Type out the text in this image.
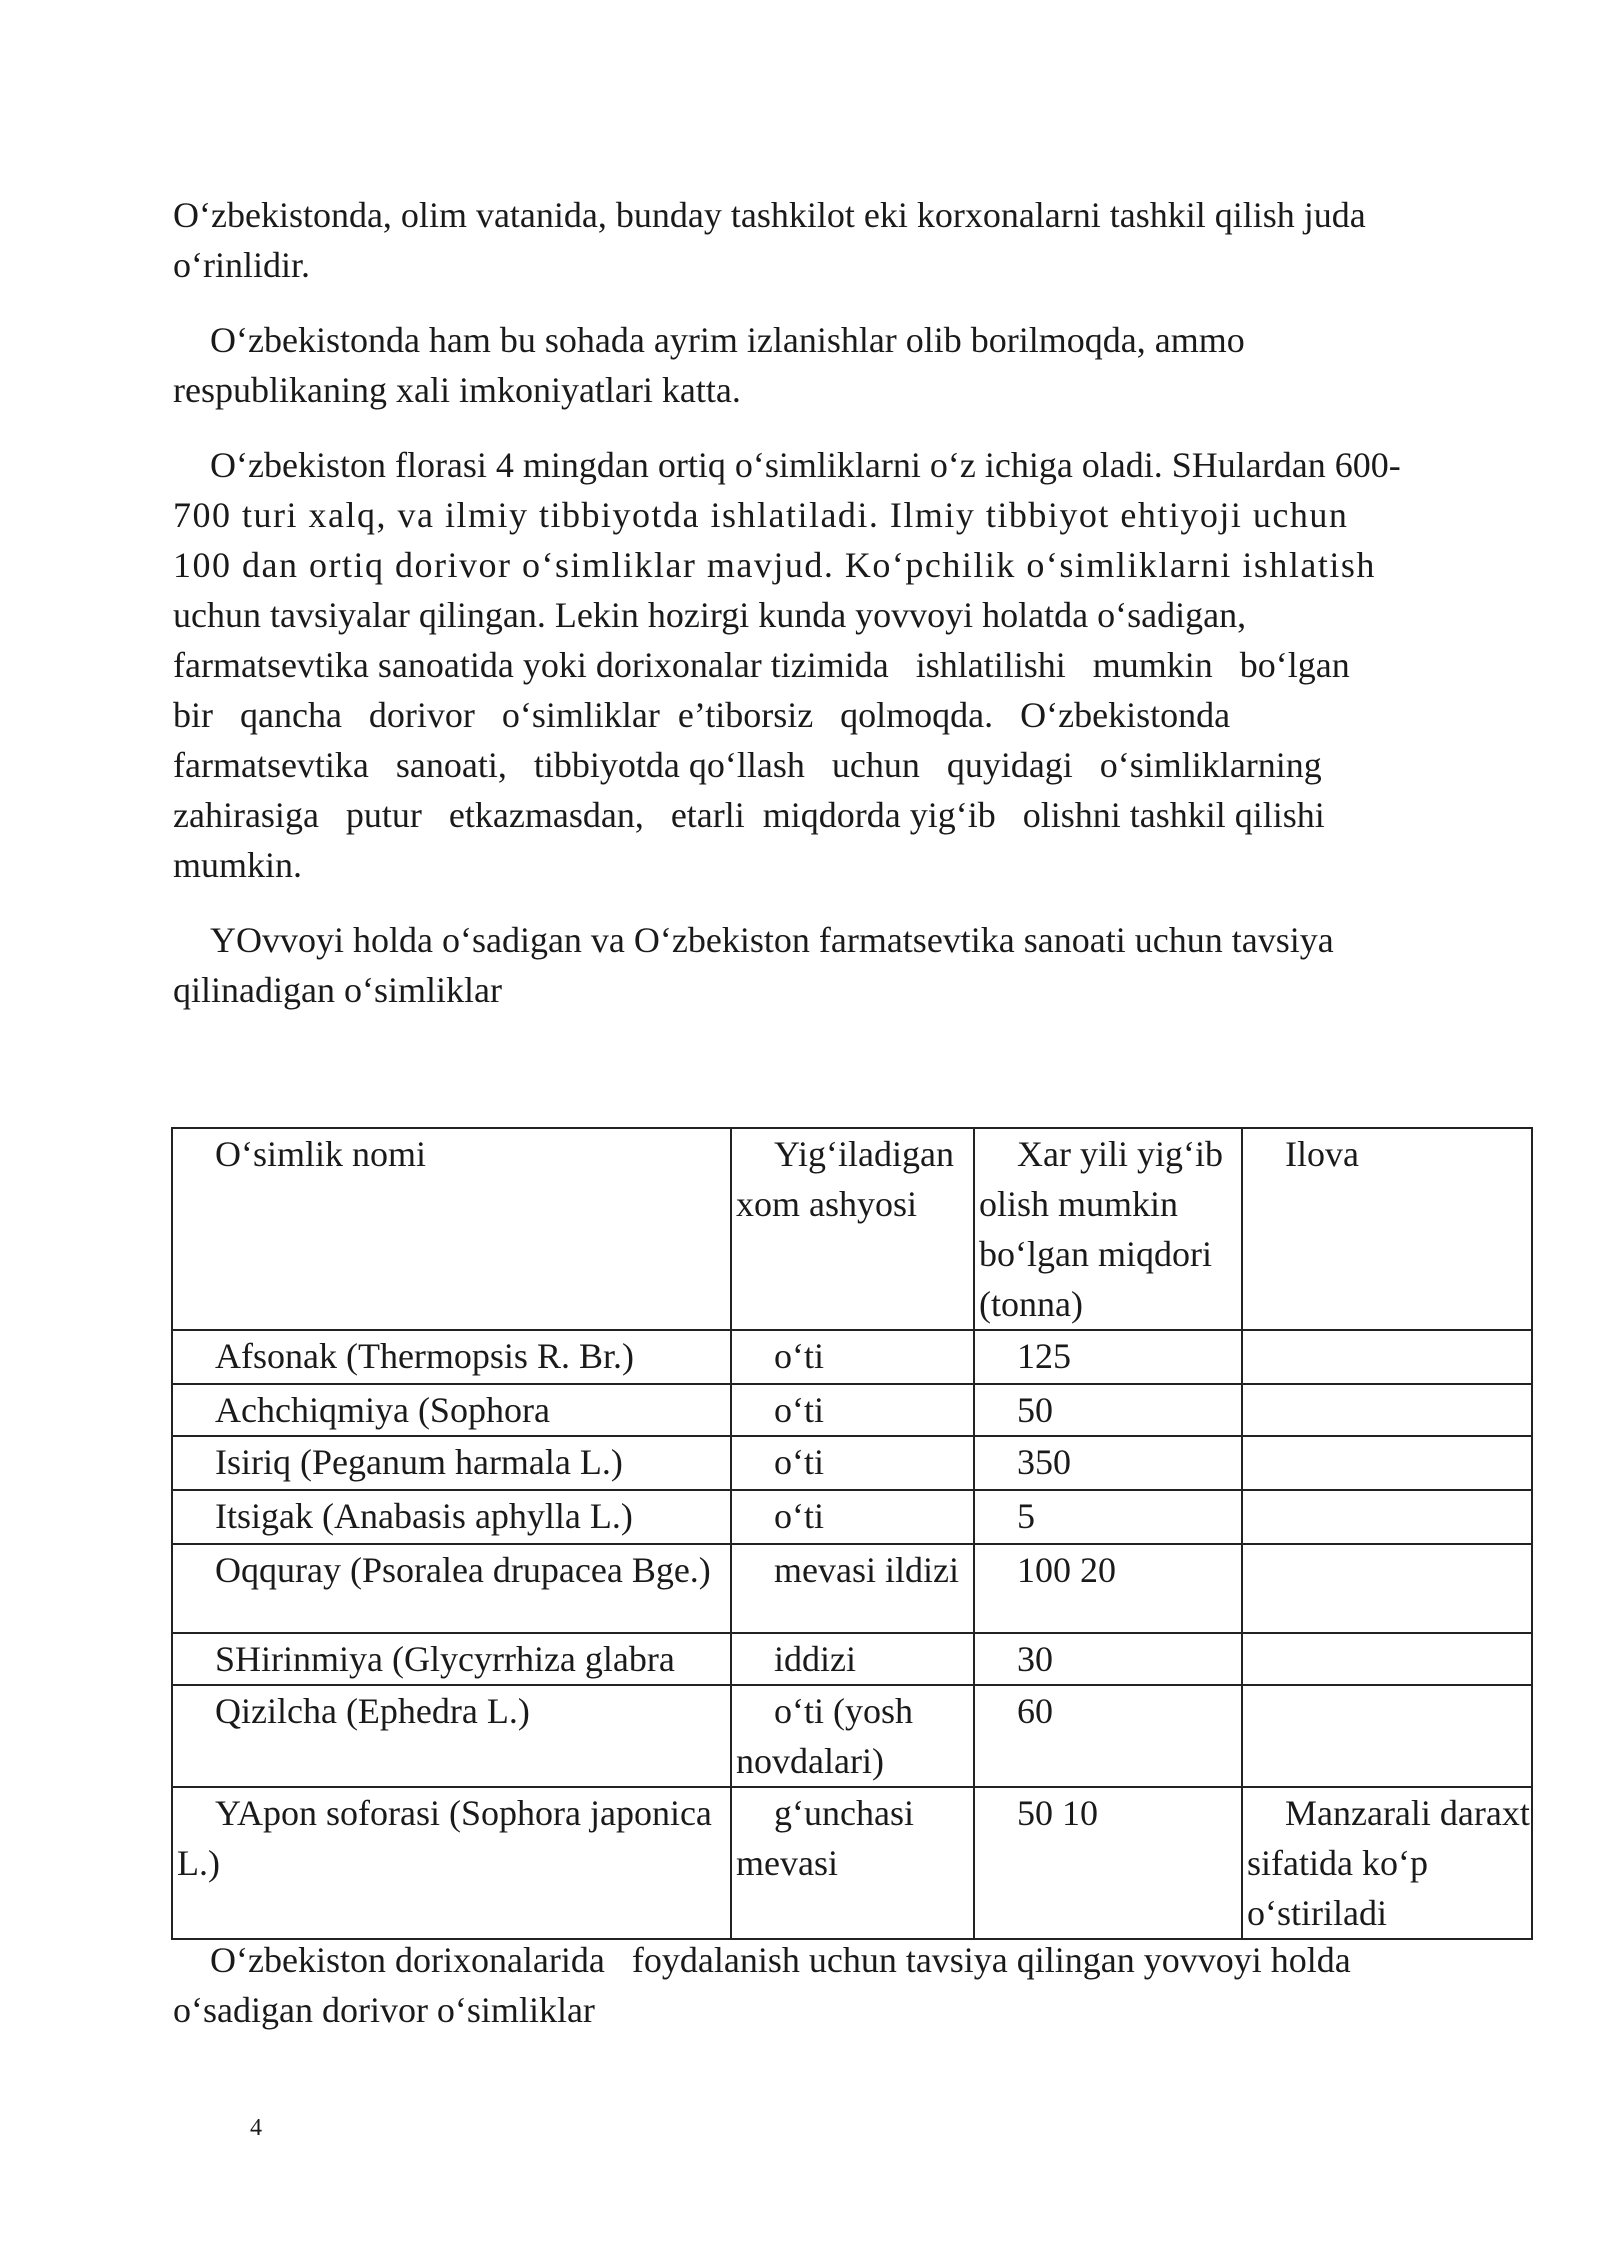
O‘zbekistonda, olim vatanida, bunday tashkilot eki korxonalarni tashkil qilish juda
o‘rinlidir.
O‘zbekistonda ham bu sohada ayrim izlanishlar olib borilmoqda, ammo
respublikaning xali imkoniyatlari katta.
O‘zbekiston florasi 4 mingdan ortiq o‘simliklarni o‘z ichiga oladi. SHulardan 600-
700 turi xalq, va ilmiy tibbiyotda ishlatiladi. Ilmiy tibbiyot ehtiyoji uchun
100 dan ortiq dorivor o‘simliklar mavjud. Ko‘pchilik o‘simliklarni ishlatish
uchun tavsiyalar qilingan. Lekin hozirgi kunda yovvoyi holatda o‘sadigan,
farmatsevtika sanoatida yoki dorixonalar tizimida   ishlatilishi   mumkin   bo‘lgan
bir   qancha   dorivor   o‘simliklar  e’tiborsiz   qolmoqda.   O‘zbekistonda
farmatsevtika   sanoati,   tibbiyotda qo‘llash   uchun   quyidagi   o‘simliklarning
zahirasiga   putur   etkazmasdan,   etarli  miqdorda yig‘ib   olishni tashkil qilishi
mumkin.
YOvvoyi holda o‘sadigan va O‘zbekiston farmatsevtika sanoati uchun tavsiya
qilinadigan o‘simliklar
O‘simlik nomi	Yig‘iladigan xom ashyosi	Xar yili yig‘ib olish mumkin bo‘lgan miqdori (tonna)	Ilova

Afsonak (Thermopsis R. Br.)	o‘ti	125	

Achchiqmiya (Sophora	o‘ti	50	

Isiriq (Peganum harmala L.)	o‘ti	350	

Itsigak (Anabasis aphylla L.)	o‘ti	5	

Oqquray (Psoralea drupacea Bge.)	mevasi ildizi	100 20	

SHirinmiya (Glycyrrhiza glabra	iddizi	30	

Qizilcha (Ephedra L.)	o‘ti (yosh novdalari)	60	

YApon soforasi (Sophora japonica L.)	g‘unchasi mevasi	50 10	Manzarali daraxt sifatida ko‘p o‘stiriladi
O‘zbekiston dorixonalarida   foydalanish uchun tavsiya qilingan yovvoyi holda
o‘sadigan dorivor o‘simliklar
4
